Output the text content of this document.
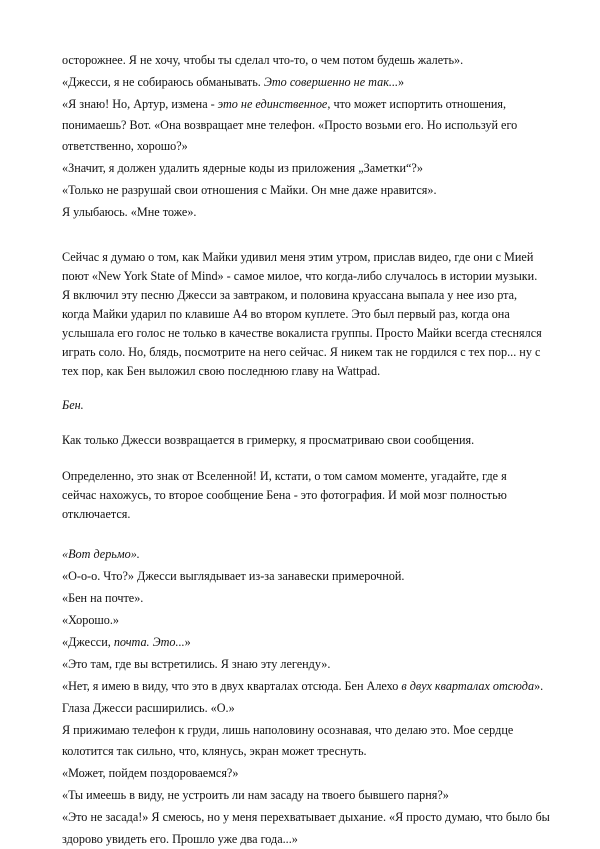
осторожнее. Я не хочу, чтобы ты сделал что-то, о чем потом будешь жалеть».

«Джесси, я не собираюсь обманывать. Это совершенно не так...»

«Я знаю! Но, Артур, измена - это не единственное, что может испортить отношения,

понимаешь? Вот. «Она возвращает мне телефон. «Просто возьми его. Но используй его

ответственно, хорошо?»

«Значит, я должен удалить ядерные коды из приложения „Заметки“?»

«Только не разрушай свои отношения с Майки. Он мне даже нравится».

Я улыбаюсь. «Мне тоже».

Сейчас я думаю о том, как Майки удивил меня этим утром, прислав видео, где они с Мией поют «New York State of Mind» - самое милое, что когда-либо случалось в истории музыки. Я включил эту песню Джесси за завтраком, и половина круассана выпала у нее изо рта, когда Майки ударил по клавише A4 во втором куплете. Это был первый раз, когда она услышала его голос не только в качестве вокалиста группы. Просто Майки всегда стеснялся играть соло. Но, блядь, посмотрите на него сейчас. Я никем так не гордился с тех пор... ну с тех пор, как Бен выложил свою последнюю главу на Wattpad.

Бен.

Как только Джесси возвращается в гримерку, я просматриваю свои сообщения.

Определенно, это знак от Вселенной! И, кстати, о том самом моменте, угадайте, где я сейчас нахожусь, то второе сообщение Бена - это фотография. И мой мозг полностью отключается.

«Вот дерьмо».

«О-о-о. Что?» Джесси выглядывает из-за занавески примерочной.

«Бен на почте».

«Хорошо.»

«Джесси, почта. Это...»

«Это там, где вы встретились. Я знаю эту легенду».

«Нет, я имею в виду, что это в двух кварталах отсюда. Бен Алехо в двух кварталах отсюда».

Глаза Джесси расширились. «О.»

Я прижимаю телефон к груди, лишь наполовину осознавая, что делаю это. Мое сердце

колотится так сильно, что, клянусь, экран может треснуть.

«Может, пойдем поздороваемся?»

«Ты имеешь в виду, не устроить ли нам засаду на твоего бывшего парня?»

«Это не засада!» Я смеюсь, но у меня перехватывает дыхание. «Я просто думаю, что было бы

здорово увидеть его. Прошло уже два года...»
